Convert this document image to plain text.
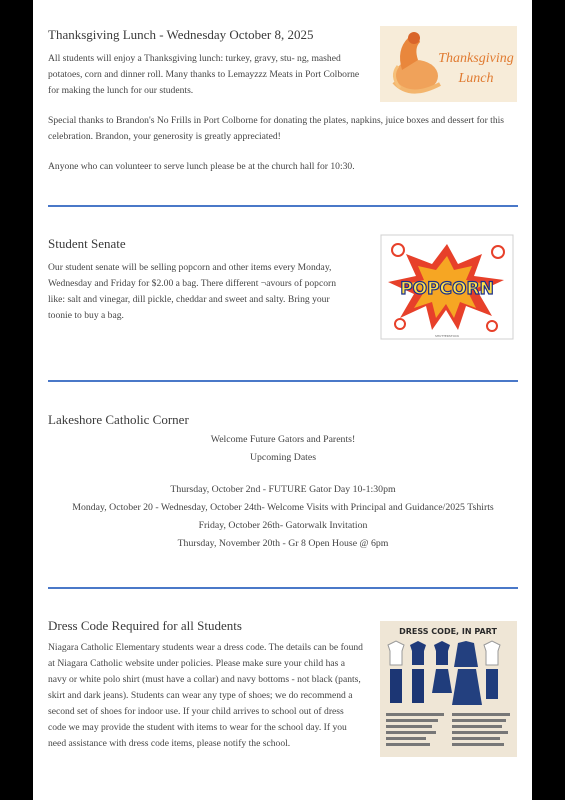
Thanksgiving Lunch - Wednesday October 8, 2025

All students will enjoy a Thanksgiving lunch: turkey, gravy, stu- ng, mashed potatoes, corn and dinner roll. Many thanks to Lemayzzz Meats in Port Colborne for making the lunch for our students.

Special thanks to Brandon's No Frills in Port Colborne for donating the plates, napkins, juice boxes and dessert for this celebration. Brandon, your generosity is greatly appreciated!

Anyone who can volunteer to serve lunch please be at the church hall for 10:30.

Thanksgiving
Lunch
Student Senate

Our student senate will be selling popcorn and other items every Monday, Wednesday and Friday for $2.00 a bag. There different ¬avours of popcorn like: salt and vinegar, dill pickle, cheddar and sweet and salty. Bring your toonie to buy a bag.

POPCORN
SHUTTERSTOCK
Lakeshore Catholic Corner
Welcome Future Gators and Parents!
Upcoming Dates
Thursday, October 2nd - FUTURE Gator Day 10-1:30pm
Monday, October 20 - Wednesday, October 24th- Welcome Visits with Principal and Guidance/2025 Tshirts
Friday, October 26th- Gatorwalk Invitation
Thursday, November 20th - Gr 8 Open House @ 6pm
Dress Code Required for all Students

Niagara Catholic Elementary students wear a dress code. The details can be found at Niagara Catholic website under policies. Please make sure your child has a navy or white polo shirt (must have a collar) and navy bottoms - not black (pants, skirt and dark jeans). Students can wear any type of shoes; we do recommend a second set of shoes for indoor use. If your child arrives to school out of dress code we may provide the student with items to wear for the school day. If you need assistance with dress code items, please notify the school.

DRESS CODE, IN PART
